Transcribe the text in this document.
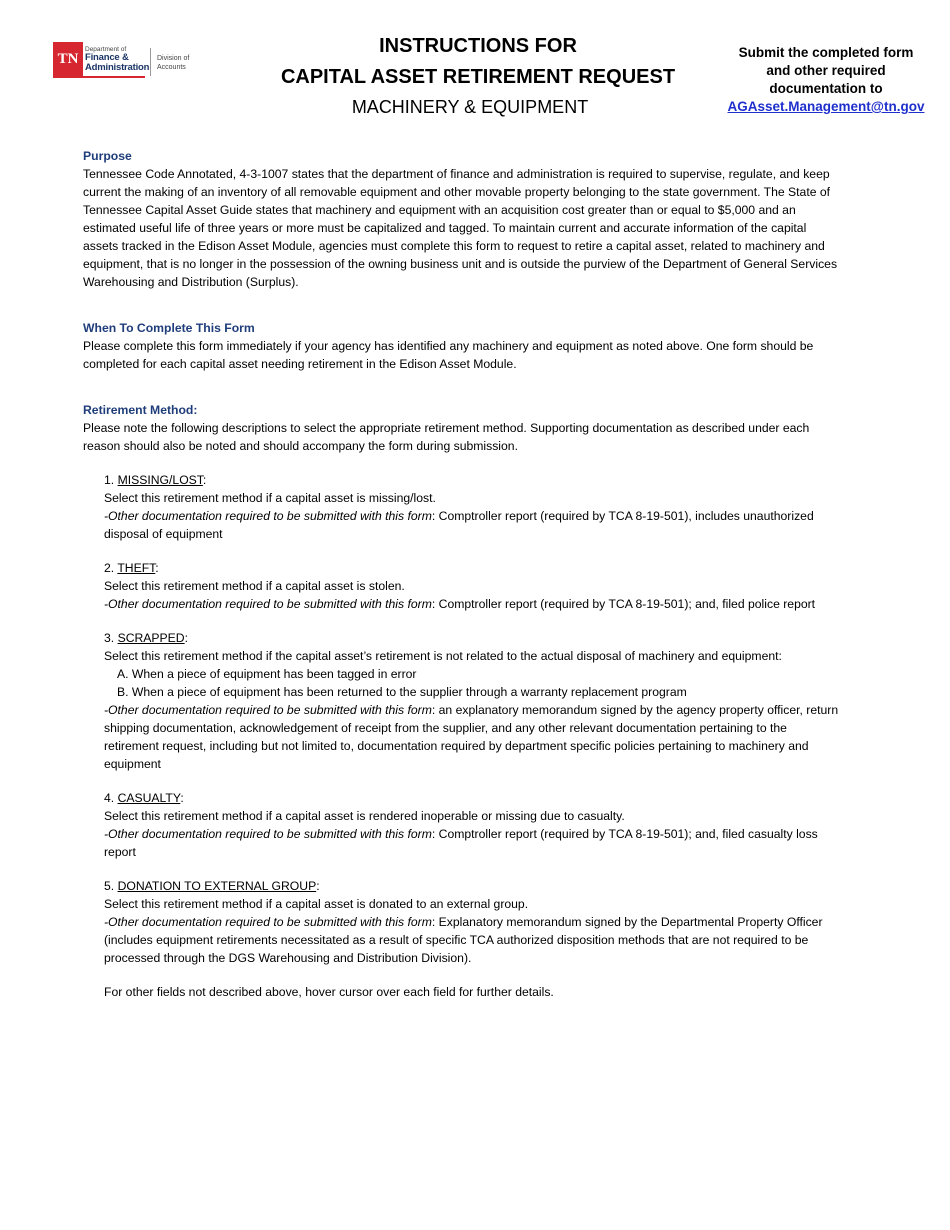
TN
Department of
Finance &
Administration
Division of
Accounts
INSTRUCTIONS FOR
CAPITAL ASSET RETIREMENT REQUEST
MACHINERY & EQUIPMENT
Submit the completed form
and other required
documentation to
AGAsset.Management@tn.gov
Purpose

Tennessee Code Annotated, 4-3-1007 states that the department of finance and administration is required to supervise, regulate, and keep current the making of an inventory of all removable equipment and other movable property belonging to the state government. The State of Tennessee Capital Asset Guide states that machinery and equipment with an acquisition cost greater than or equal to $5,000 and an estimated useful life of three years or more must be capitalized and tagged. To maintain current and accurate information of the capital assets tracked in the Edison Asset Module, agencies must complete this form to request to retire a capital asset, related to machinery and equipment, that is no longer in the possession of the owning business unit and is outside the purview of the Department of General Services Warehousing and Distribution (Surplus).

When To Complete This Form

Please complete this form immediately if your agency has identified any machinery and equipment as noted above. One form should be completed for each capital asset needing retirement in the Edison Asset Module.

Retirement Method:

Please note the following descriptions to select the appropriate retirement method. Supporting documentation as described under each reason should also be noted and should accompany the form during submission.

1. MISSING/LOST:

Select this retirement method if a capital asset is missing/lost.

-Other documentation required to be submitted with this form: Comptroller report (required by TCA 8-19-501), includes unauthorized disposal of equipment

2. THEFT:

Select this retirement method if a capital asset is stolen.

-Other documentation required to be submitted with this form: Comptroller report (required by TCA 8-19-501); and, filed police report

3. SCRAPPED:

Select this retirement method if the capital asset’s retirement is not related to the actual disposal of machinery and equipment:

A. When a piece of equipment has been tagged in error

B. When a piece of equipment has been returned to the supplier through a warranty replacement program

-Other documentation required to be submitted with this form: an explanatory memorandum signed by the agency property officer, return shipping documentation, acknowledgement of receipt from the supplier, and any other relevant documentation pertaining to the retirement request, including but not limited to, documentation required by department specific policies pertaining to machinery and equipment

4. CASUALTY:

Select this retirement method if a capital asset is rendered inoperable or missing due to casualty.

-Other documentation required to be submitted with this form: Comptroller report (required by TCA 8-19-501); and, filed casualty loss report

5. DONATION TO EXTERNAL GROUP:

Select this retirement method if a capital asset is donated to an external group.

-Other documentation required to be submitted with this form: Explanatory memorandum signed by the Departmental Property Officer (includes equipment retirements necessitated as a result of specific TCA authorized disposition methods that are not required to be processed through the DGS Warehousing and Distribution Division).

For other fields not described above, hover cursor over each field for further details.
